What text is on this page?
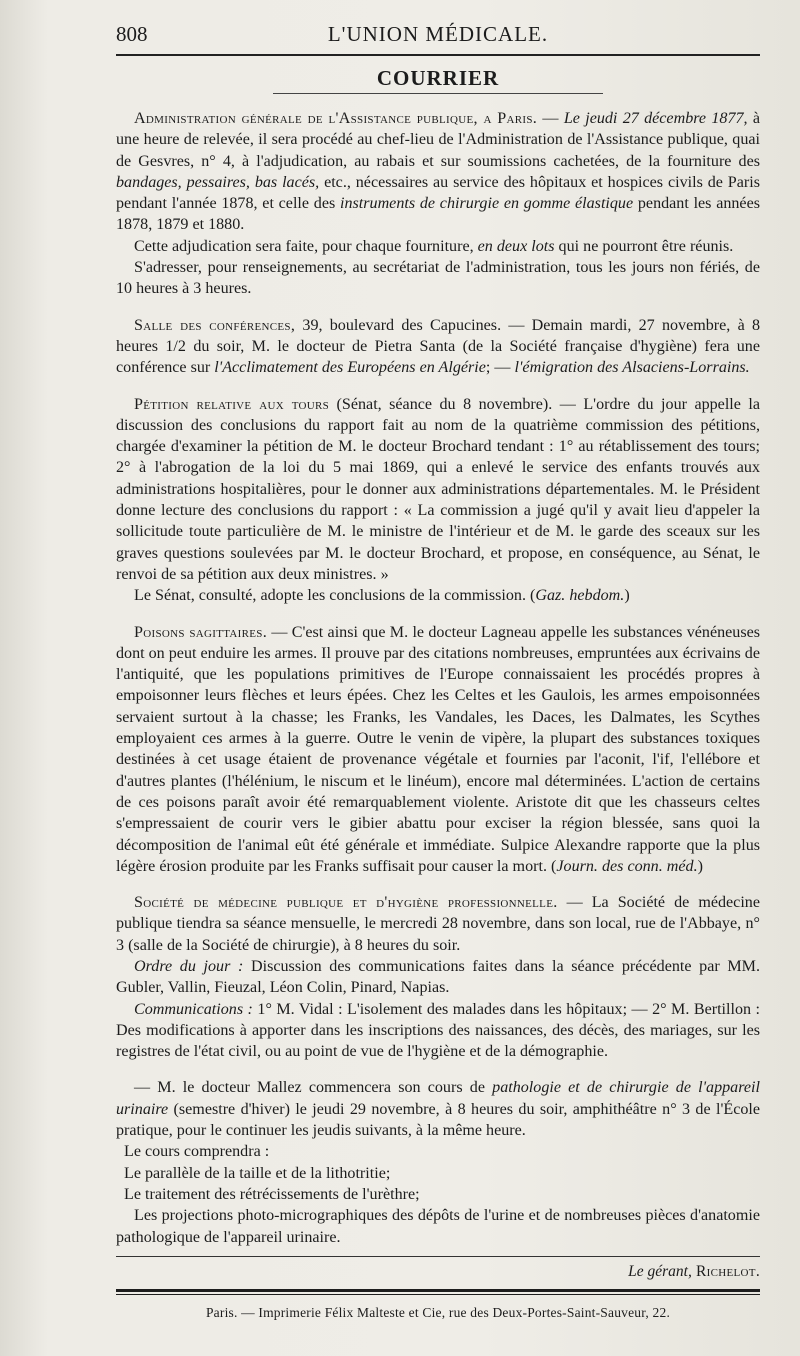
808	L'UNION MÉDICALE.
COURRIER

Administration générale de l'Assistance publique, a Paris. — Le jeudi 27 décembre 1877, à une heure de relevée, il sera procédé au chef-lieu de l'Administration de l'Assistance publique, quai de Gesvres, n° 4, à l'adjudication, au rabais et sur soumissions cachetées, de la fourniture des bandages, pessaires, bas lacés, etc., nécessaires au service des hôpitaux et hospices civils de Paris pendant l'année 1878, et celle des instruments de chirurgie en gomme élastique pendant les années 1878, 1879 et 1880.

Cette adjudication sera faite, pour chaque fourniture, en deux lots qui ne pourront être réunis.

S'adresser, pour renseignements, au secrétariat de l'administration, tous les jours non fériés, de 10 heures à 3 heures.

Salle des conférences, 39, boulevard des Capucines. — Demain mardi, 27 novembre, à 8 heures 1/2 du soir, M. le docteur de Pietra Santa (de la Société française d'hygiène) fera une conférence sur l'Acclimatement des Européens en Algérie; — l'émigration des Alsaciens-Lorrains.

Pétition relative aux tours (Sénat, séance du 8 novembre). — L'ordre du jour appelle la discussion des conclusions du rapport fait au nom de la quatrième commission des pétitions, chargée d'examiner la pétition de M. le docteur Brochard tendant : 1° au rétablissement des tours; 2° à l'abrogation de la loi du 5 mai 1869, qui a enlevé le service des enfants trouvés aux administrations hospitalières, pour le donner aux administrations départementales. M. le Président donne lecture des conclusions du rapport : « La commission a jugé qu'il y avait lieu d'appeler la sollicitude toute particulière de M. le ministre de l'intérieur et de M. le garde des sceaux sur les graves questions soulevées par M. le docteur Brochard, et propose, en conséquence, au Sénat, le renvoi de sa pétition aux deux ministres. »

Le Sénat, consulté, adopte les conclusions de la commission. (Gaz. hebdom.)

Poisons sagittaires. — C'est ainsi que M. le docteur Lagneau appelle les substances vénéneuses dont on peut enduire les armes. Il prouve par des citations nombreuses, empruntées aux écrivains de l'antiquité, que les populations primitives de l'Europe connaissaient les procédés propres à empoisonner leurs flèches et leurs épées. Chez les Celtes et les Gaulois, les armes empoisonnées servaient surtout à la chasse; les Franks, les Vandales, les Daces, les Dalmates, les Scythes employaient ces armes à la guerre. Outre le venin de vipère, la plupart des substances toxiques destinées à cet usage étaient de provenance végétale et fournies par l'aconit, l'if, l'ellébore et d'autres plantes (l'hélénium, le niscum et le linéum), encore mal déterminées. L'action de certains de ces poisons paraît avoir été remarquablement violente. Aristote dit que les chasseurs celtes s'empressaient de courir vers le gibier abattu pour exciser la région blessée, sans quoi la décomposition de l'animal eût été générale et immédiate. Sulpice Alexandre rapporte que la plus légère érosion produite par les Franks suffisait pour causer la mort. (Journ. des conn. méd.)

Société de médecine publique et d'hygiène professionnelle. — La Société de médecine publique tiendra sa séance mensuelle, le mercredi 28 novembre, dans son local, rue de l'Abbaye, n° 3 (salle de la Société de chirurgie), à 8 heures du soir.

Ordre du jour : Discussion des communications faites dans la séance précédente par MM. Gubler, Vallin, Fieuzal, Léon Colin, Pinard, Napias.

Communications : 1° M. Vidal : L'isolement des malades dans les hôpitaux; — 2° M. Bertillon : Des modifications à apporter dans les inscriptions des naissances, des décès, des mariages, sur les registres de l'état civil, ou au point de vue de l'hygiène et de la démographie.

— M. le docteur Mallez commencera son cours de pathologie et de chirurgie de l'appareil urinaire (semestre d'hiver) le jeudi 29 novembre, à 8 heures du soir, amphithéâtre n° 3 de l'École pratique, pour le continuer les jeudis suivants, à la même heure.

Le cours comprendra :
Le parallèle de la taille et de la lithotritie;
Le traitement des rétrécissements de l'urèthre;

Les projections photo-micrographiques des dépôts de l'urine et de nombreuses pièces d'anatomie pathologique de l'appareil urinaire.

Le gérant, Richelot.
Paris. — Imprimerie Félix Malteste et Cie, rue des Deux-Portes-Saint-Sauveur, 22.
